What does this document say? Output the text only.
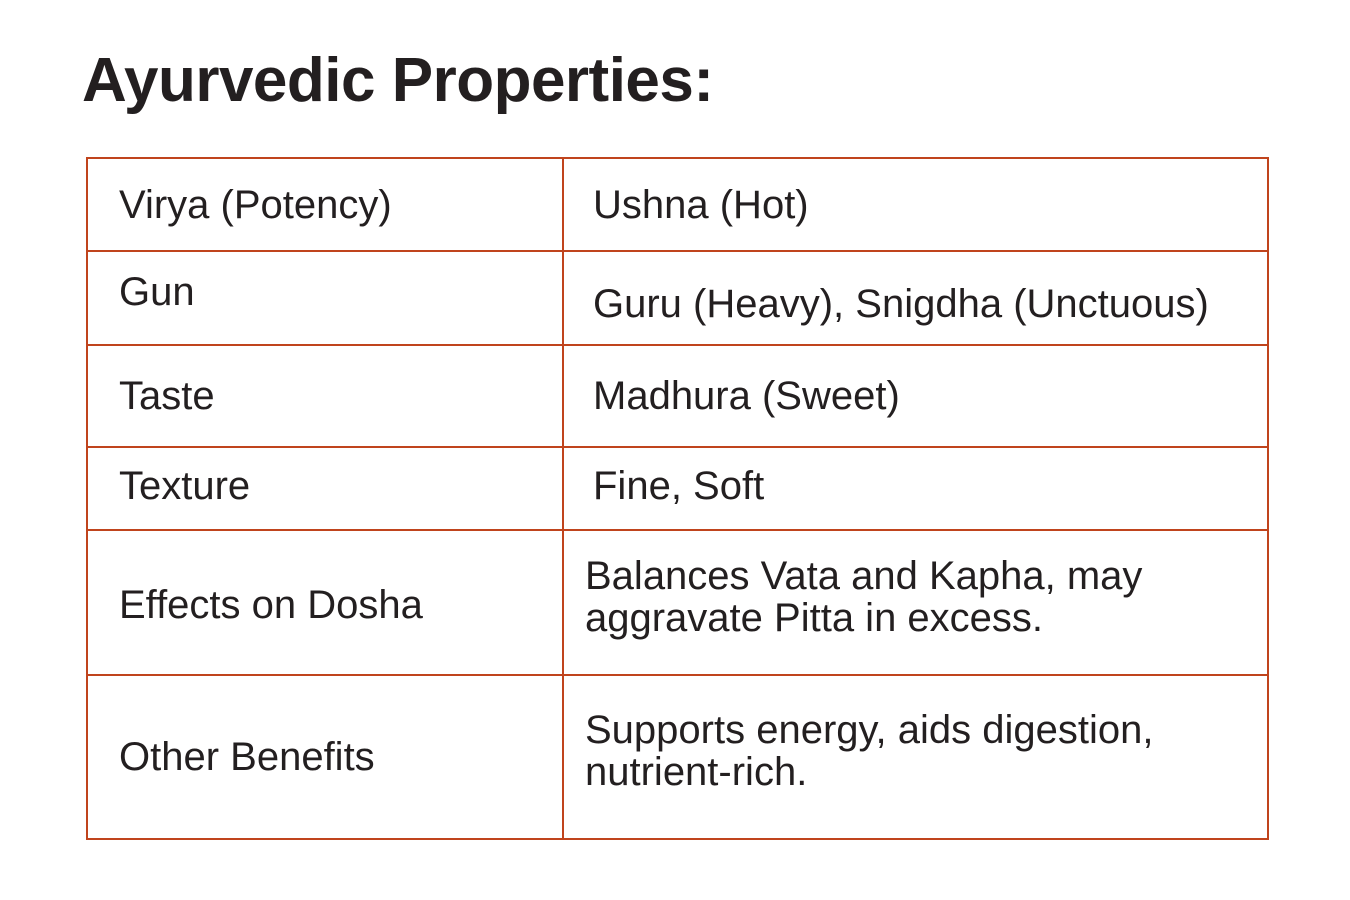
Ayurvedic Properties:
Virya (Potency)	Ushna (Hot)
Gun	Guru (Heavy), Snigdha (Unctuous)
Taste	Madhura (Sweet)
Texture	Fine, Soft
Effects on Dosha	Balances Vata and Kapha, may aggravate Pitta in excess.

Other Benefits	Supports energy, aids digestion, nutrient-rich.
